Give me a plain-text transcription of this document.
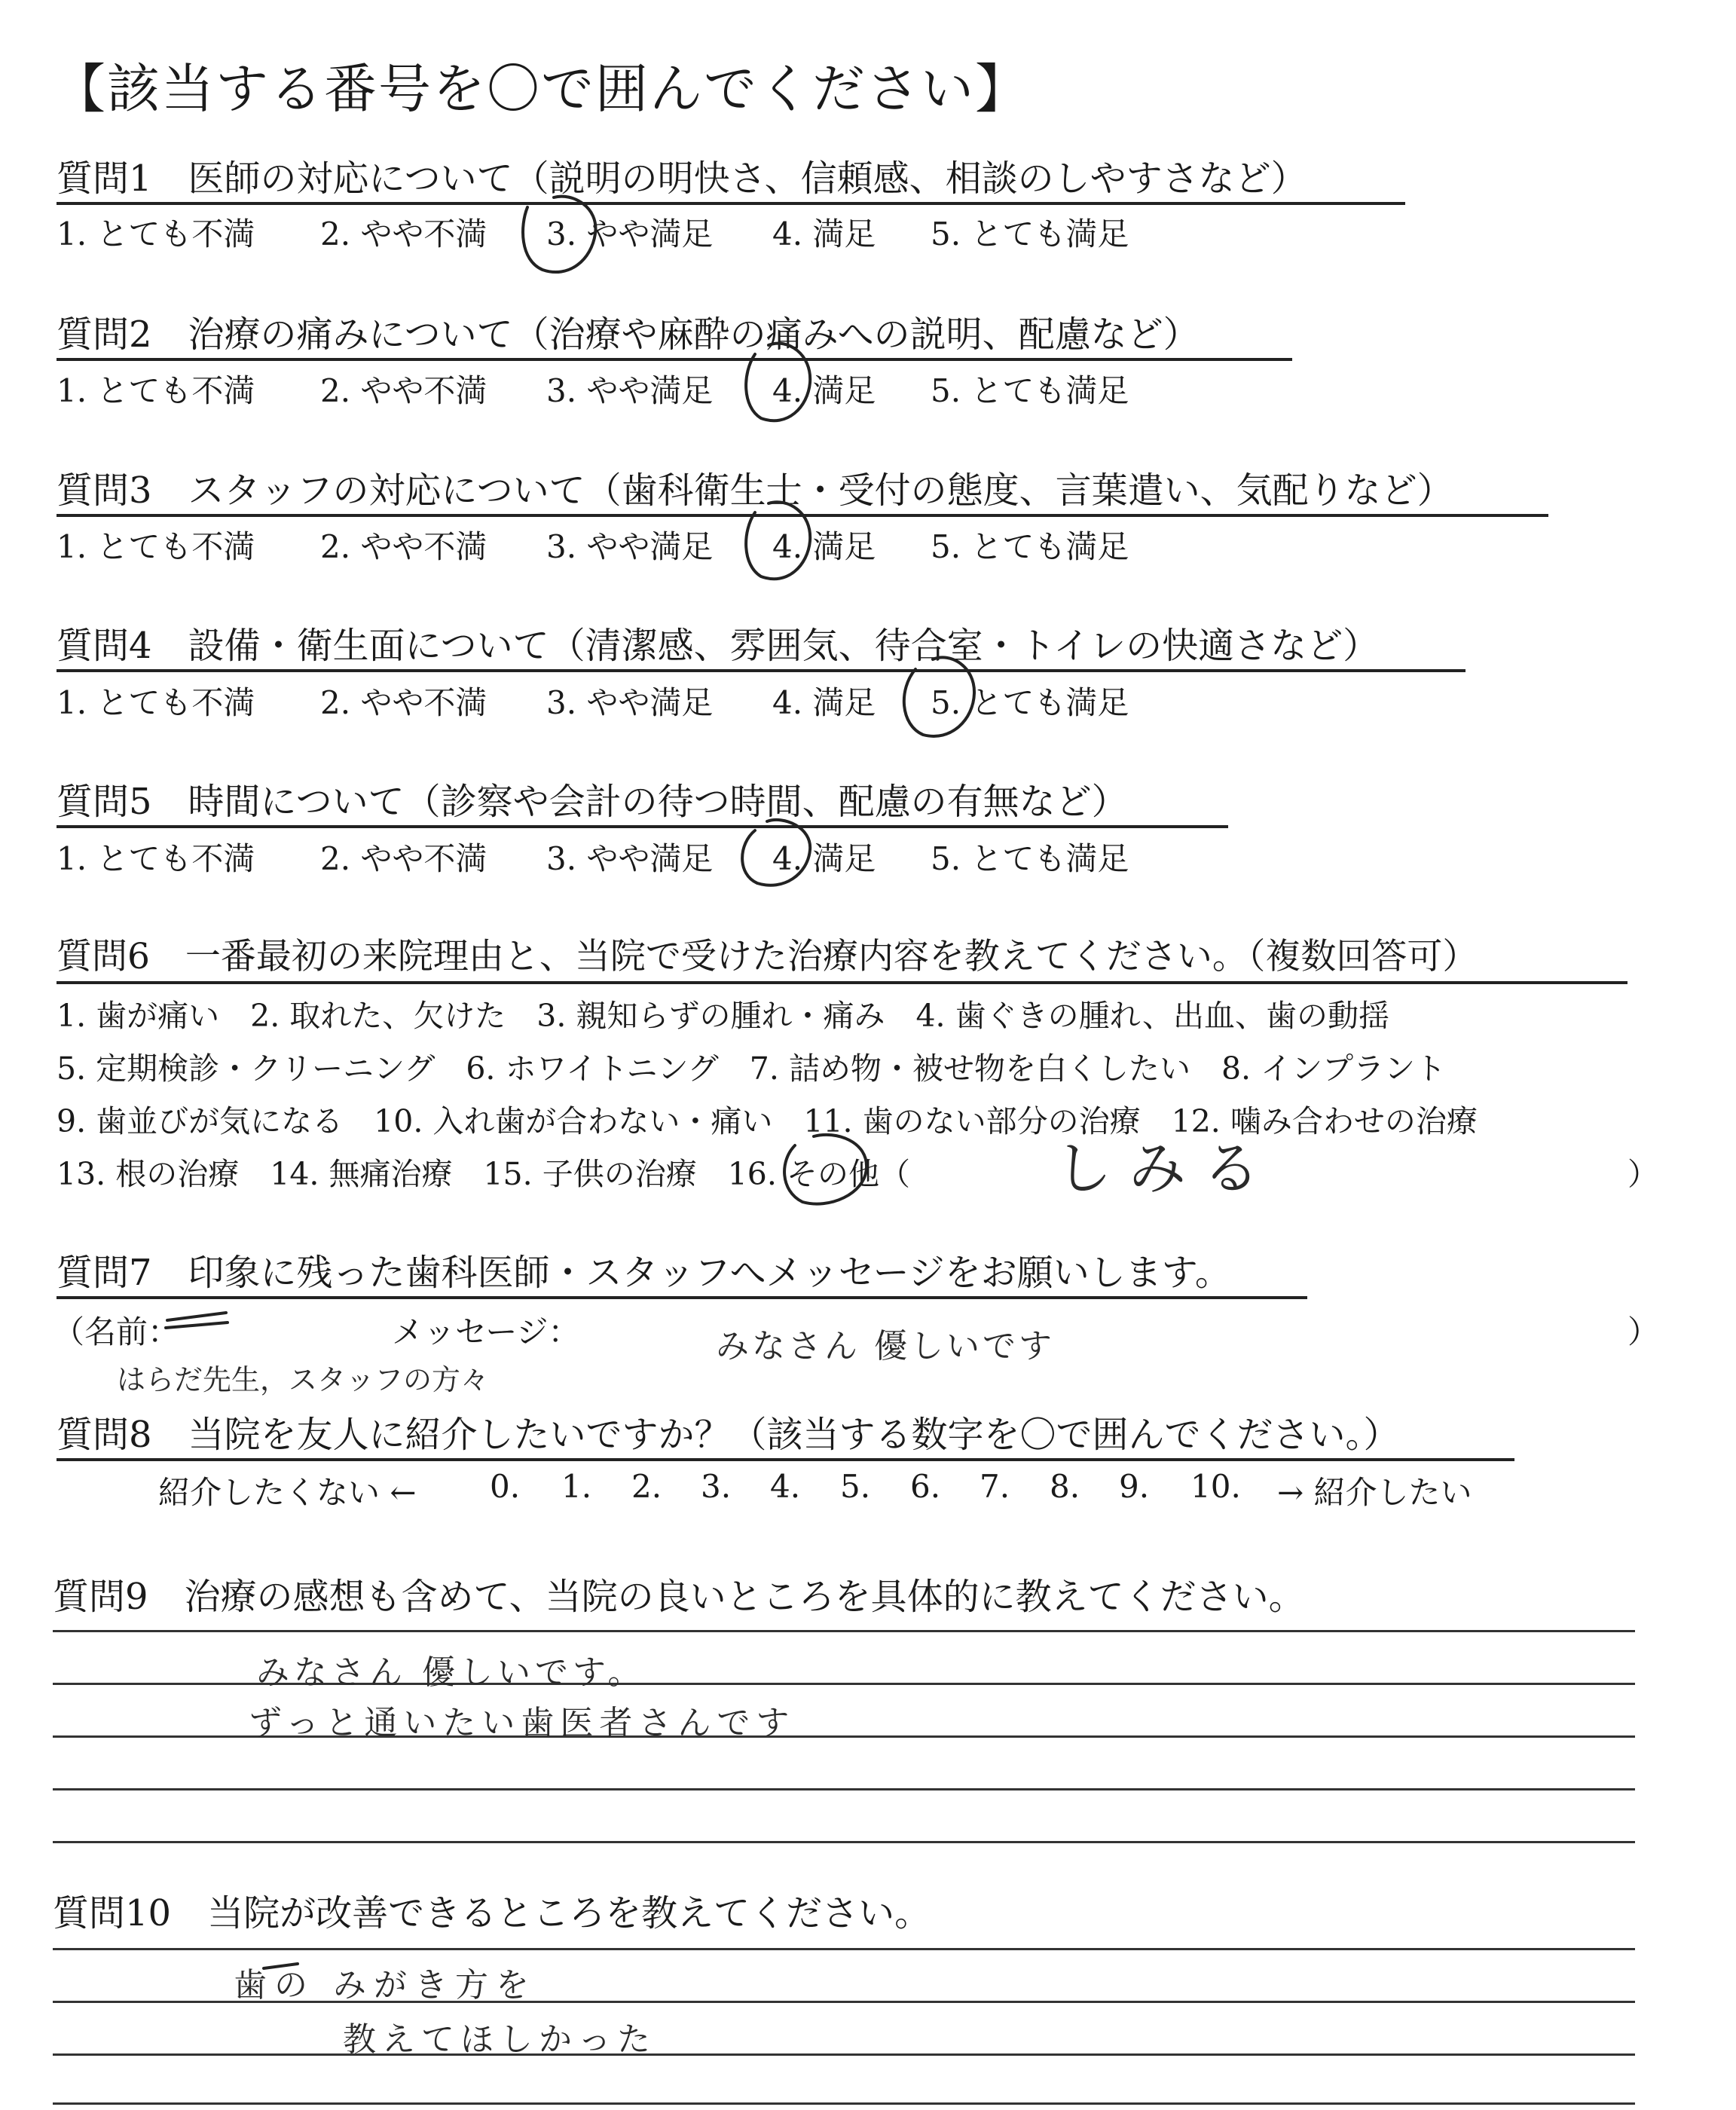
【該当する番号を〇で囲んでください】
質問1　医師の対応について（説明の明快さ、信頼感、相談のしやすさなど）
1. とても不満 2. やや不満 3. やや満足 4. 満足 5. とても満足
質問2　治療の痛みについて（治療や麻酔の痛みへの説明、配慮など）
1. とても不満 2. やや不満 3. やや満足 4. 満足 5. とても満足
質問3　スタッフの対応について（歯科衛生士・受付の態度、言葉遣い、気配りなど）
1. とても不満 2. やや不満 3. やや満足 4. 満足 5. とても満足
質問4　設備・衛生面について（清潔感、雰囲気、待合室・トイレの快適さなど）
1. とても不満 2. やや不満 3. やや満足 4. 満足 5. とても満足
質問5　時間について（診察や会計の待つ時間、配慮の有無など）
1. とても不満 2. やや不満 3. やや満足 4. 満足 5. とても満足
質問6　一番最初の来院理由と、当院で受けた治療内容を教えてください。（複数回答可）
1. 歯が痛い　2. 取れた、欠けた　3. 親知らずの腫れ・痛み　4. 歯ぐきの腫れ、出血、歯の動揺
5. 定期検診・クリーニング　6. ホワイトニング　7. 詰め物・被せ物を白くしたい　8. インプラント
9. 歯並びが気になる　10. 入れ歯が合わない・痛い　11. 歯のない部分の治療　12. 噛み合わせの治療
13. 根の治療　14. 無痛治療　15. 子供の治療　16. その他（	）
しみる
質問7　印象に残った歯科医師・スタッフへメッセージをお願いします。
（名前：	メッセージ：	）
はらだ先生，スタッフの方々
みなさん 優しいです
質問8　当院を友人に紹介したいですか？（該当する数字を〇で囲んでください。）
紹介したくない ← 0. 1. 2. 3. 4. 5. 6. 7. 8. 9. 10. → 紹介したい
質問9　治療の感想も含めて、当院の良いところを具体的に教えてください。
みなさん 優しいです。
ずっと通いたい歯医者さんです
質問10　当院が改善できるところを教えてください。
歯の みがき方を
教えてほしかった
